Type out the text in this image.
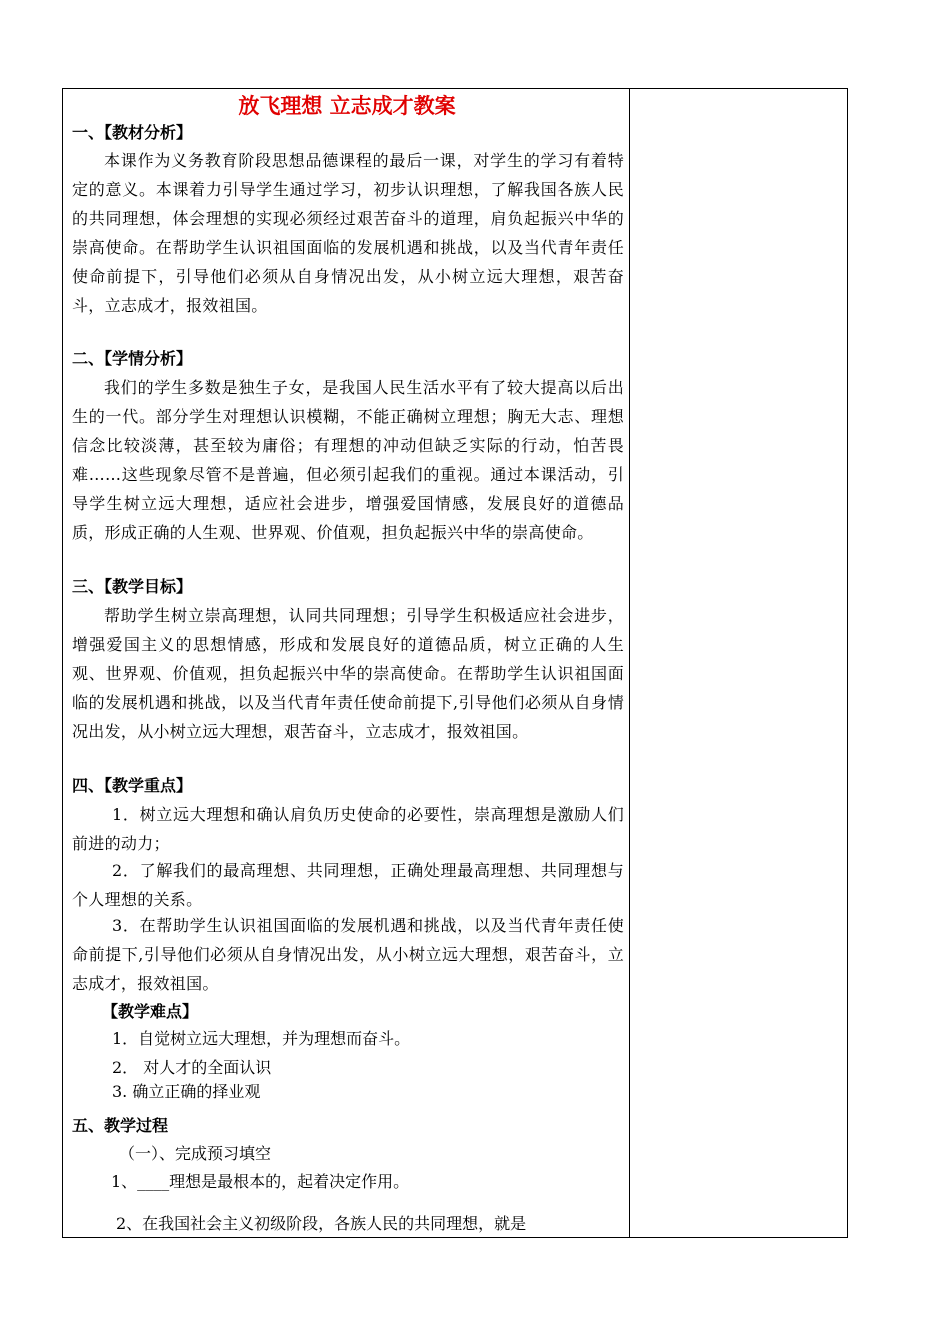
放飞理想 立志成才教案
一、【教材分析】
本课作为义务教育阶段思想品德课程的最后一课，对学生的学习有着特定的意义。本课着力引导学生通过学习，初步认识理想，了解我国各族人民的共同理想，体会理想的实现必须经过艰苦奋斗的道理，肩负起振兴中华的崇高使命。在帮助学生认识祖国面临的发展机遇和挑战，以及当代青年责任使命前提下，引导他们必须从自身情况出发，从小树立远大理想，艰苦奋斗，立志成才，报效祖国。
二、【学情分析】
我们的学生多数是独生子女，是我国人民生活水平有了较大提高以后出生的一代。部分学生对理想认识模糊，不能正确树立理想；胸无大志、理想信念比较淡薄，甚至较为庸俗；有理想的冲动但缺乏实际的行动，怕苦畏难……这些现象尽管不是普遍，但必须引起我们的重视。通过本课活动，引导学生树立远大理想，适应社会进步，增强爱国情感，发展良好的道德品质，形成正确的人生观、世界观、价值观，担负起振兴中华的崇高使命。
三、【教学目标】
帮助学生树立崇高理想，认同共同理想；引导学生积极适应社会进步，增强爱国主义的思想情感，形成和发展良好的道德品质，树立正确的人生观、世界观、价值观，担负起振兴中华的崇高使命。在帮助学生认识祖国面临的发展机遇和挑战，以及当代青年责任使命前提下,引导他们必须从自身情况出发，从小树立远大理想，艰苦奋斗，立志成才，报效祖国。
四、【教学重点】
1．树立远大理想和确认肩负历史使命的必要性，崇高理想是激励人们前进的动力；
2．了解我们的最高理想、共同理想，正确处理最高理想、共同理想与个人理想的关系。
3．在帮助学生认识祖国面临的发展机遇和挑战，以及当代青年责任使命前提下,引导他们必须从自身情况出发，从小树立远大理想，艰苦奋斗，立志成才，报效祖国。
【教学难点】
1．自觉树立远大理想，并为理想而奋斗。
2． 对人才的全面认识
3. 确立正确的择业观
五、教学过程
（一）、完成预习填空
1、____理想是最根本的，起着决定作用。
2、在我国社会主义初级阶段，各族人民的共同理想，就是
